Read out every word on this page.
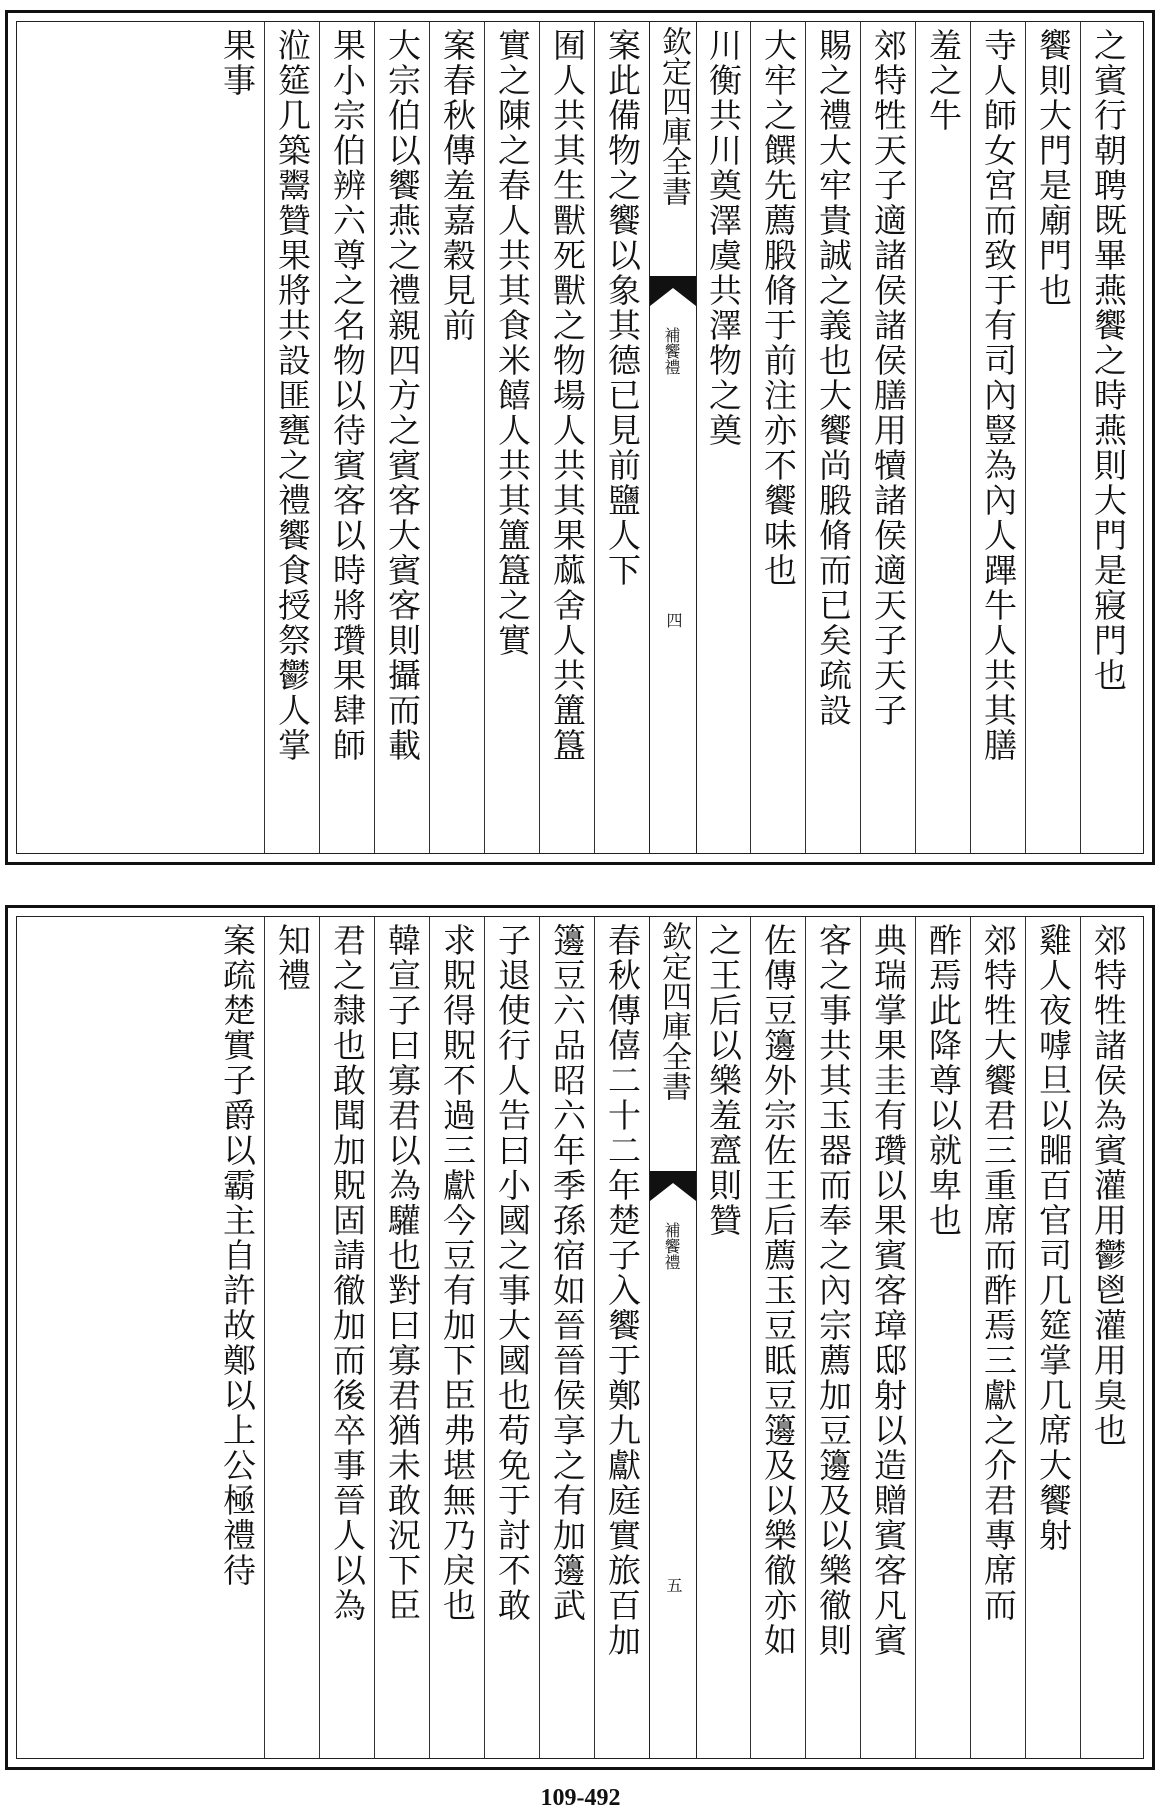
之賓行朝聘既畢燕饗之時燕則大門是寢門也
饗則大門是廟門也
寺人師女宮而致于有司內豎為內人蹕牛人共其膳
羞之牛
郊特牲天子適諸侯諸侯膳用犢諸侯適天子天子
賜之禮大牢貴誠之義也大饗尚腶脩而已矣疏設
大牢之饌先薦腶脩于前注亦不饗味也
川衡共川奠澤虞共澤物之奠
欽定四庫全書
補饗禮
四
案此備物之饗以象其德已見前鹽人下
囿人共其生獸死獸之物場人共其果蓏舍人共簠簋
實之陳之春人共其食米饎人共其簠簋之實
案春秋傳羞嘉穀見前
大宗伯以饗燕之禮親四方之賓客大賓客則攝而載
果小宗伯辨六尊之名物以待賓客以時將瓚果肆師
涖筵几築鬻贊果將共設匪甕之禮饗食授祭鬱人掌
果事
郊特牲諸侯為賓灌用鬱鬯灌用臭也
雞人夜嘑旦以嘂百官司几筵掌几席大饗射
郊特牲大饗君三重席而酢焉三獻之介君專席而
酢焉此降尊以就卑也
典瑞掌果圭有瓚以果賓客璋邸射以造贈賓客凡賓
客之事共其玉器而奉之內宗薦加豆籩及以樂徹則
佐傳豆籩外宗佐王后薦玉豆眡豆籩及以樂徹亦如
之王后以樂羞齍則贊
欽定四庫全書
補饗禮
五
春秋傳僖二十二年楚子入饗于鄭九獻庭實旅百加
籩豆六品昭六年季孫宿如晉晉侯享之有加籩武
子退使行人告曰小國之事大國也苟免于討不敢
求貺得貺不過三獻今豆有加下臣弗堪無乃戾也
韓宣子曰寡君以為驩也對曰寡君猶未敢況下臣
君之隸也敢聞加貺固請徹加而後卒事晉人以為
知禮
案疏楚實子爵以霸主自許故鄭以上公極禮待
109-492
